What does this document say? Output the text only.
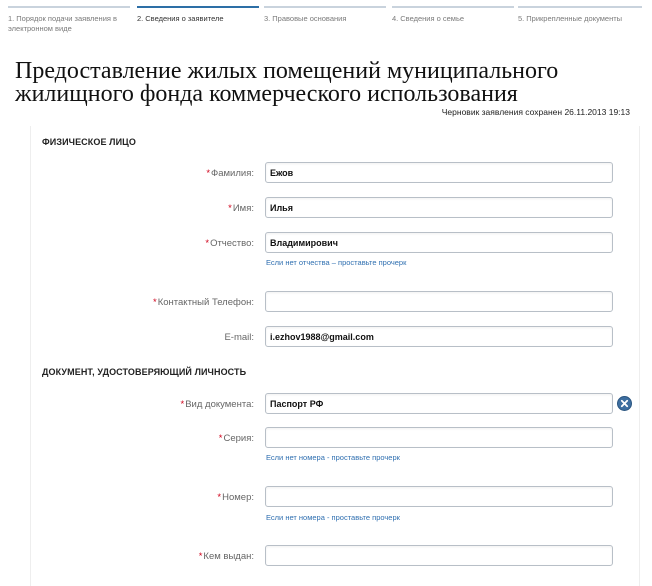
1. Порядок подачи заявления в электронном виде
2. Сведения о заявителе	3. Правовые основания	4. Сведения о семье	5. Прикрепленные документы
Предоставление жилых помещений муниципального жилищного фонда коммерческого использования
Черновик заявления сохранен 26.11.2013 19:13
ФИЗИЧЕСКОЕ ЛИЦО
*Фамилия:
Ежов
*Имя:
Илья
*Отчество:
Владимирович
Если нет отчества – проставьте прочерк
*Контактный Телефон:
E-mail:
i.ezhov1988@gmail.com
ДОКУМЕНТ, УДОСТОВЕРЯЮЩИЙ ЛИЧНОСТЬ
*Вид документа:
Паспорт РФ
*Серия:
Если нет номера - проставьте прочерк
*Номер:
Если нет номера - проставьте прочерк
*Кем выдан:
